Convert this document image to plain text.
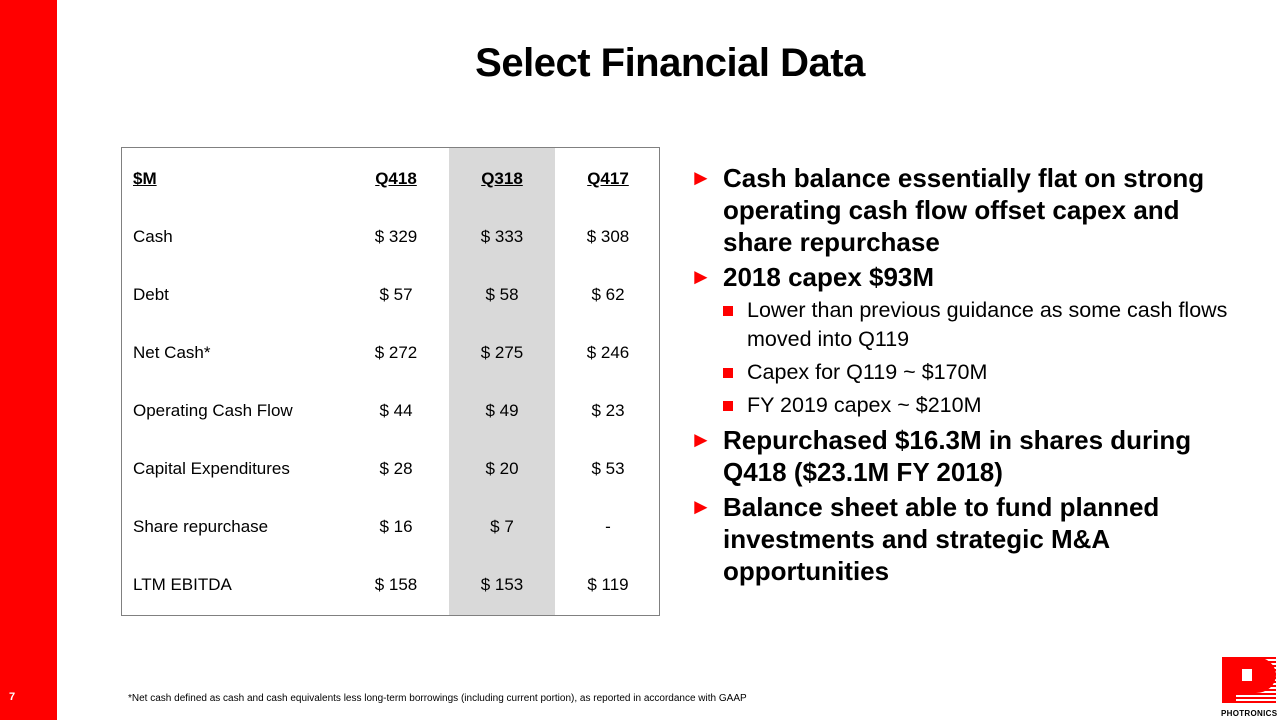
7
Select Financial Data
$M	Q418	Q318	Q417
Cash	$ 329	$ 333	$ 308
Debt	$ 57	$ 58	$ 62
Net Cash*	$ 272	$ 275	$ 246
Operating Cash Flow	$ 44	$ 49	$ 23
Capital Expenditures	$ 28	$ 20	$ 53
Share repurchase	$ 16	$ 7	-
LTM EBITDA	$ 158	$ 153	$ 119
► Cash balance essentially flat on strong operating cash flow offset capex and share repurchase
► 2018 capex $93M
Lower than previous guidance as some cash flows moved into Q119
Capex for Q119 ~ $170M
FY 2019 capex ~ $210M
► Repurchased $16.3M in shares during Q418 ($23.1M FY 2018)
► Balance sheet able to fund planned investments and strategic M&A opportunities
*Net cash defined as cash and cash equivalents less long-term borrowings (including current portion), as reported in accordance with GAAP
PHOTRONICS
